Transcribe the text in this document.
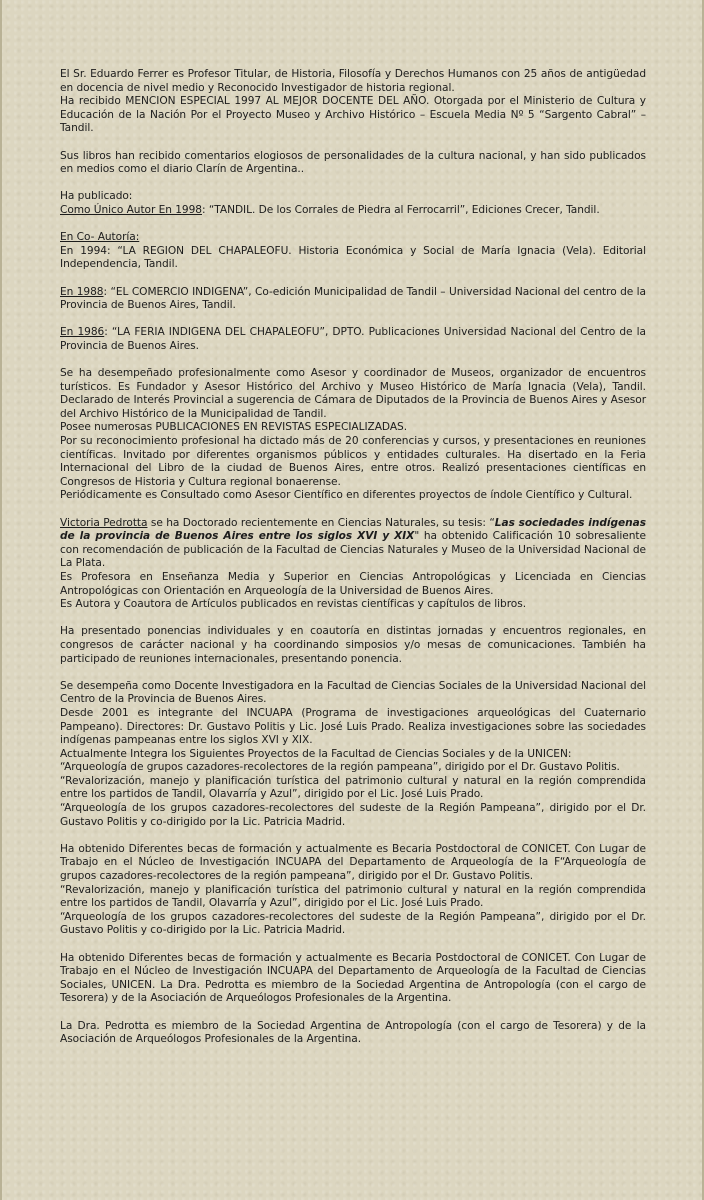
El Sr. Eduardo Ferrer es Profesor Titular, de Historia, Filosofía y Derechos Humanos con 25 años de antigüedad en docencia de nivel medio y Reconocido Investigador de historia regional.
Ha recibido MENCION ESPECIAL 1997 AL MEJOR DOCENTE DEL AÑO. Otorgada por el Ministerio de Cultura y Educación de la Nación Por el Proyecto Museo y Archivo Histórico – Escuela Media Nº 5 “Sargento Cabral” – Tandil.

Sus libros han recibido comentarios elogiosos de personalidades de la cultura nacional, y han sido publicados en medios como el diario Clarín de Argentina..

Ha publicado:
Como Único Autor En 1998: “TANDIL. De los Corrales de Piedra al Ferrocarril”, Ediciones Crecer, Tandil.

En Co- Autoría:
En 1994: “LA REGION DEL CHAPALEOFU. Historia Económica y Social de María Ignacia (Vela). Editorial Independencia, Tandil.

En 1988: “EL COMERCIO INDIGENA”, Co-edición Municipalidad de Tandil – Universidad Nacional del centro de la Provincia de Buenos Aires, Tandil.

En 1986: “LA FERIA INDIGENA DEL CHAPALEOFU”, DPTO. Publicaciones Universidad Nacional del Centro de la Provincia de Buenos Aires.

Se ha desempeñado profesionalmente como Asesor y coordinador de Museos, organizador de encuentros turísticos. Es Fundador y Asesor Histórico del Archivo y Museo Histórico de María Ignacia (Vela), Tandil. Declarado de Interés Provincial a sugerencia de Cámara de Diputados de la Provincia de Buenos Aires y Asesor del Archivo Histórico de la Municipalidad de Tandil.
Posee numerosas PUBLICACIONES EN REVISTAS ESPECIALIZADAS.
Por su reconocimiento profesional ha dictado más de 20 conferencias y cursos, y presentaciones en reuniones científicas. Invitado por diferentes organismos públicos y entidades culturales. Ha disertado en la Feria Internacional del Libro de la ciudad de Buenos Aires, entre otros. Realizó presentaciones científicas en Congresos de Historia y Cultura regional bonaerense.
Periódicamente es Consultado como Asesor Científico en diferentes proyectos de índole Científico y Cultural.

Victoria Pedrotta se ha Doctorado recientemente en Ciencias Naturales, su tesis: “Las sociedades indígenas de la provincia de Buenos Aires entre los siglos XVI y XIX" ha obtenido Calificación 10 sobresaliente con recomendación de publicación de la Facultad de Ciencias Naturales y Museo de la Universidad Nacional de La Plata.
Es Profesora en Enseñanza Media y Superior en Ciencias Antropológicas y Licenciada en Ciencias Antropológicas con Orientación en Arqueología de la Universidad de Buenos Aires.
Es Autora y Coautora de Artículos publicados en revistas científicas y capítulos de libros.

Ha presentado ponencias individuales y en coautoría en distintas jornadas y encuentros regionales, en congresos de carácter nacional y ha coordinando simposios y/o mesas de comunicaciones. También ha participado de reuniones internacionales, presentando ponencia.

Se desempeña como Docente Investigadora en la Facultad de Ciencias Sociales de la Universidad Nacional del Centro de la Provincia de Buenos Aires.
Desde 2001 es integrante del INCUAPA (Programa de investigaciones arqueológicas del Cuaternario Pampeano). Directores: Dr. Gustavo Politis y Lic. José Luis Prado. Realiza investigaciones sobre las sociedades indígenas pampeanas entre los siglos XVI y XIX.
Actualmente Integra los Siguientes Proyectos de la Facultad de Ciencias Sociales y de la UNICEN:
“Arqueología de grupos cazadores-recolectores de la región pampeana”, dirigido por el Dr. Gustavo Politis.
“Revalorización, manejo y planificación turística del patrimonio cultural y natural en la región comprendida entre los partidos de Tandil, Olavarría y Azul”, dirigido por el Lic. José Luis Prado.
“Arqueología de los grupos cazadores-recolectores del sudeste de la Región Pampeana”, dirigido por el Dr. Gustavo Politis y co-dirigido por la Lic. Patricia Madrid.

Ha obtenido Diferentes becas de formación y actualmente es Becaria Postdoctoral de CONICET. Con Lugar de Trabajo en el Núcleo de Investigación INCUAPA del Departamento de Arqueología de la F“Arqueología de grupos cazadores-recolectores de la región pampeana”, dirigido por el Dr. Gustavo Politis.
“Revalorización, manejo y planificación turística del patrimonio cultural y natural en la región comprendida entre los partidos de Tandil, Olavarría y Azul”, dirigido por el Lic. José Luis Prado.
“Arqueología de los grupos cazadores-recolectores del sudeste de la Región Pampeana”, dirigido por el Dr. Gustavo Politis y co-dirigido por la Lic. Patricia Madrid.

Ha obtenido Diferentes becas de formación y actualmente es Becaria Postdoctoral de CONICET. Con Lugar de Trabajo en el Núcleo de Investigación INCUAPA del Departamento de Arqueología de la Facultad de Ciencias Sociales, UNICEN. La Dra. Pedrotta es miembro de la Sociedad Argentina de Antropología (con el cargo de Tesorera) y de la Asociación de Arqueólogos Profesionales de la Argentina.

La Dra. Pedrotta es miembro de la Sociedad Argentina de Antropología (con el cargo de Tesorera) y de la Asociación de Arqueólogos Profesionales de la Argentina.
